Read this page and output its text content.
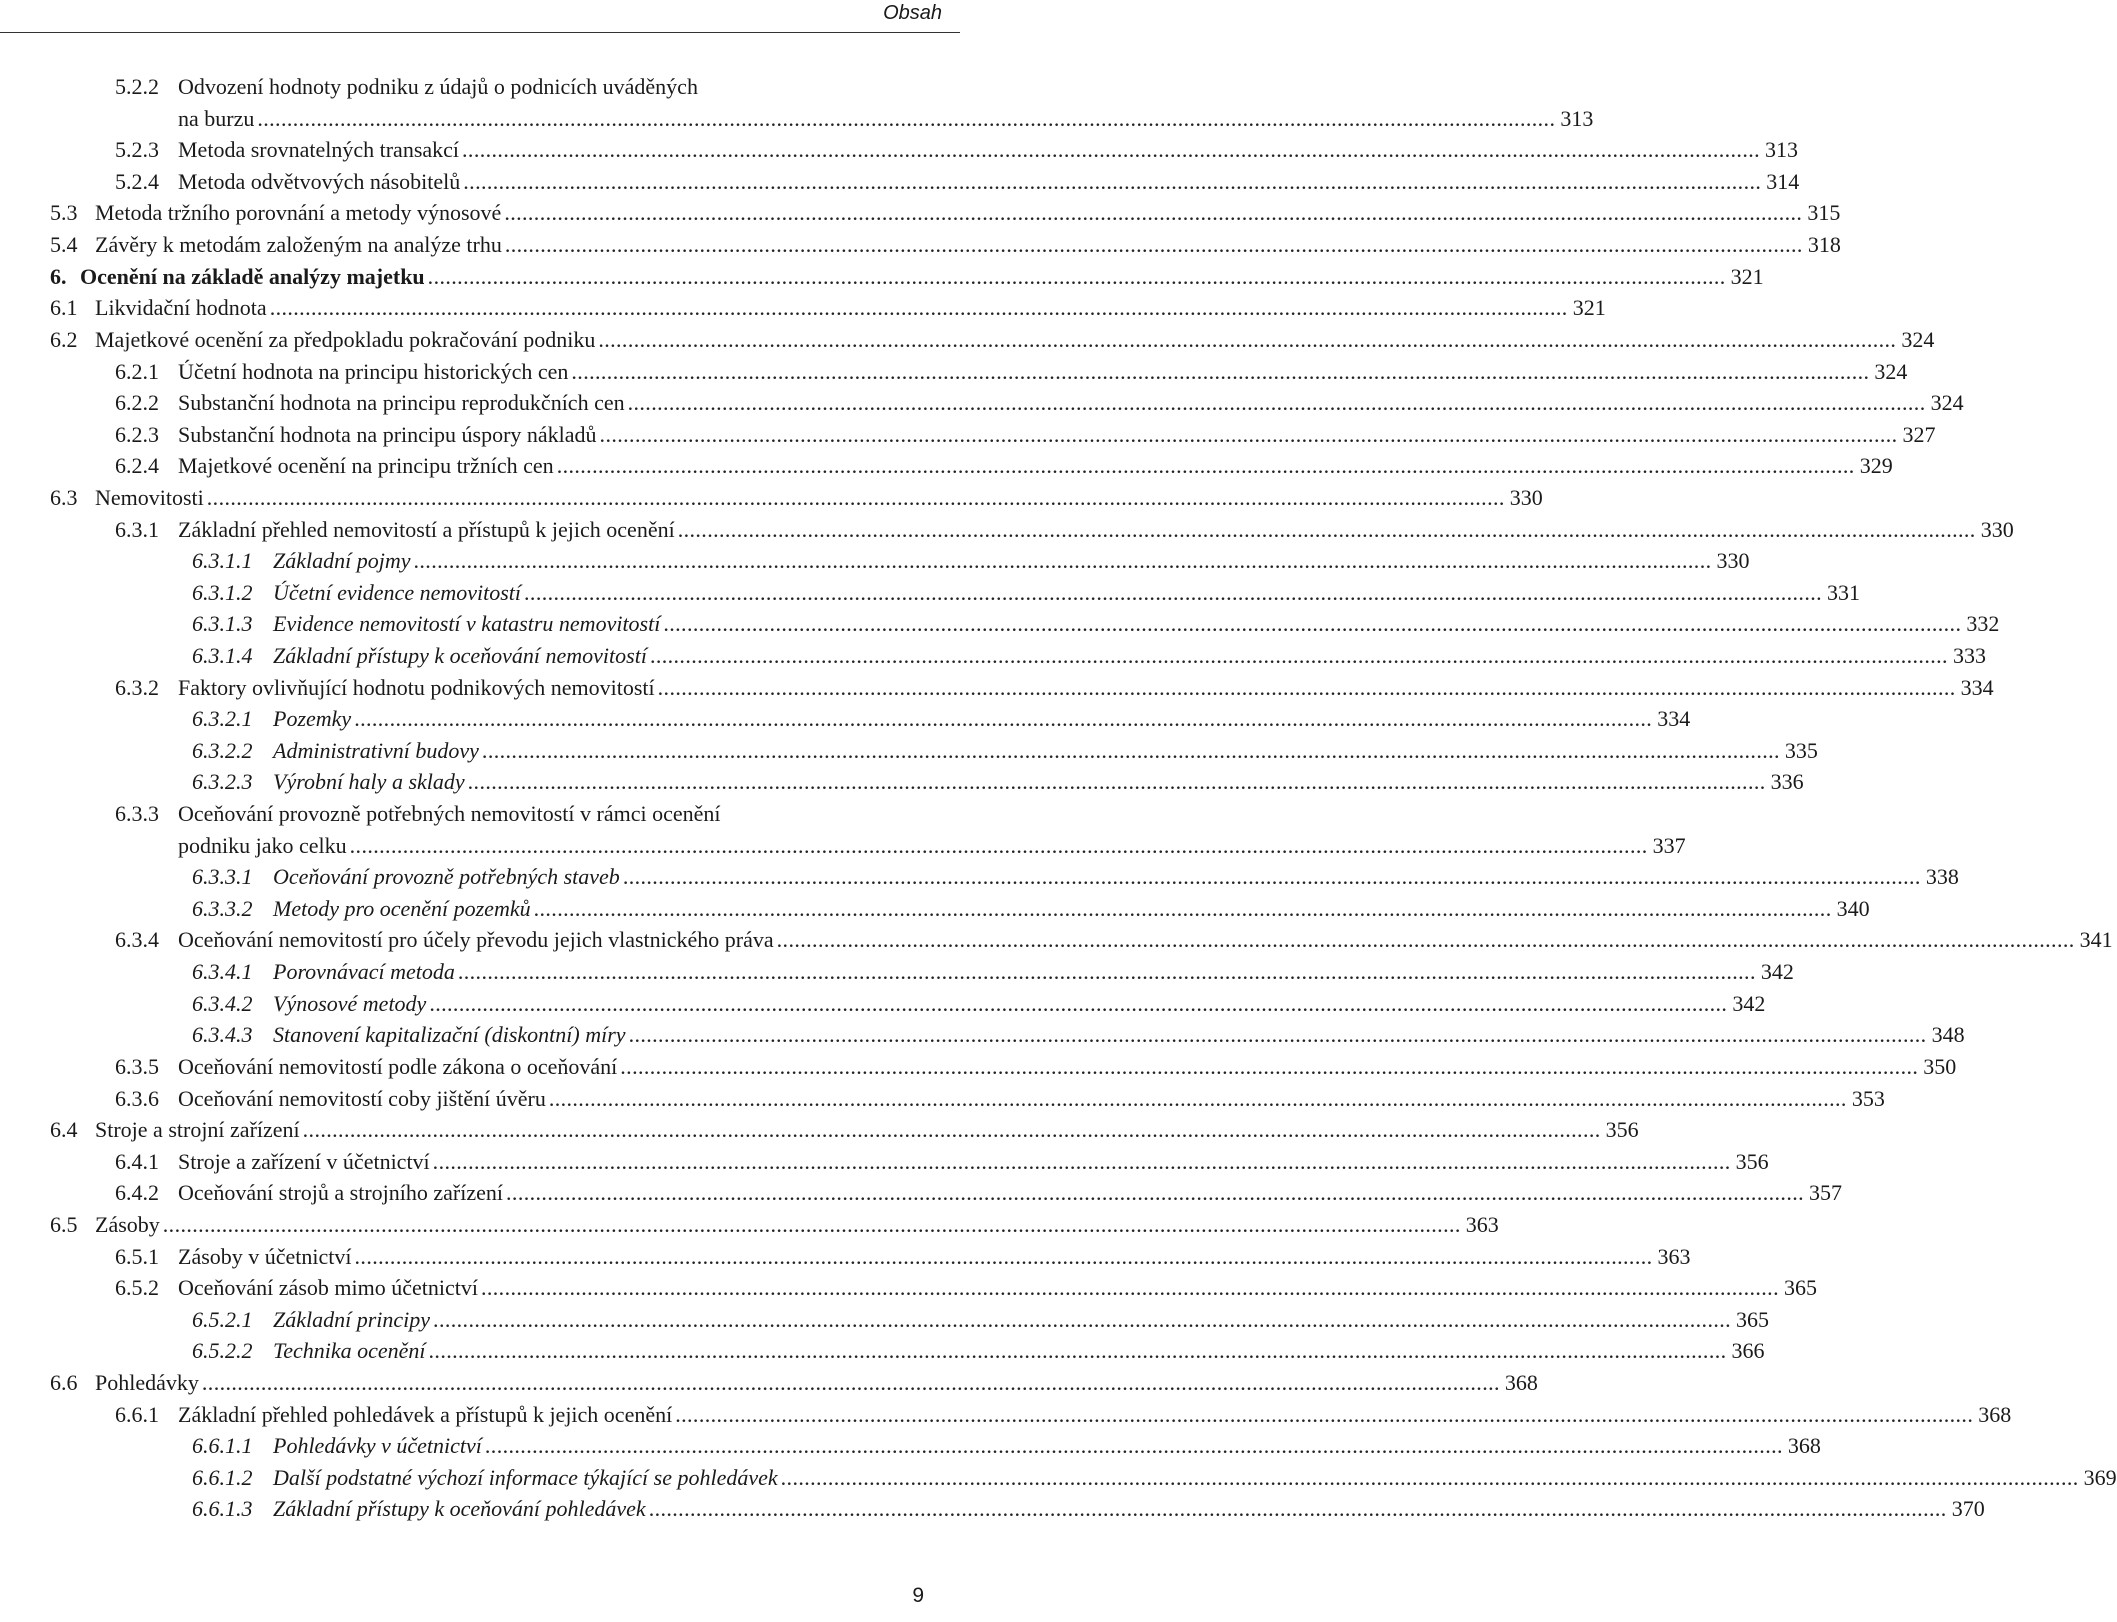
Obsah
5.2.2 Odvození hodnoty podniku z údajů o podnicích uváděných
na burzu ............................................................................................................................................................................................................................ 313
5.2.3 Metoda srovnatelných transakcí ............................................................................................................................................................................................................................ 313
5.2.4 Metoda odvětvových násobitelů ............................................................................................................................................................................................................................ 314
5.3 Metoda tržního porovnání a metody výnosové ............................................................................................................................................................................................................................ 315
5.4 Závěry k metodám založeným na analýze trhu ............................................................................................................................................................................................................................ 318
6. Ocenění na základě analýzy majetku ............................................................................................................................................................................................................................ 321
6.1 Likvidační hodnota ............................................................................................................................................................................................................................ 321
6.2 Majetkové ocenění za předpokladu pokračování podniku ............................................................................................................................................................................................................................ 324
6.2.1 Účetní hodnota na principu historických cen ............................................................................................................................................................................................................................ 324
6.2.2 Substanční hodnota na principu reprodukčních cen ............................................................................................................................................................................................................................ 324
6.2.3 Substanční hodnota na principu úspory nákladů ............................................................................................................................................................................................................................ 327
6.2.4 Majetkové ocenění na principu tržních cen ............................................................................................................................................................................................................................ 329
6.3 Nemovitosti ............................................................................................................................................................................................................................ 330
6.3.1 Základní přehled nemovitostí a přístupů k jejich ocenění ............................................................................................................................................................................................................................ 330
6.3.1.1 Základní pojmy ............................................................................................................................................................................................................................ 330
6.3.1.2 Účetní evidence nemovitostí ............................................................................................................................................................................................................................ 331
6.3.1.3 Evidence nemovitostí v katastru nemovitostí ............................................................................................................................................................................................................................ 332
6.3.1.4 Základní přístupy k oceňování nemovitostí ............................................................................................................................................................................................................................ 333
6.3.2 Faktory ovlivňující hodnotu podnikových nemovitostí ............................................................................................................................................................................................................................ 334
6.3.2.1 Pozemky ............................................................................................................................................................................................................................ 334
6.3.2.2 Administrativní budovy ............................................................................................................................................................................................................................ 335
6.3.2.3 Výrobní haly a sklady ............................................................................................................................................................................................................................ 336
6.3.3 Oceňování provozně potřebných nemovitostí v rámci ocenění
podniku jako celku ............................................................................................................................................................................................................................ 337
6.3.3.1 Oceňování provozně potřebných staveb ............................................................................................................................................................................................................................ 338
6.3.3.2 Metody pro ocenění pozemků ............................................................................................................................................................................................................................ 340
6.3.4 Oceňování nemovitostí pro účely převodu jejich vlastnického práva ............................................................................................................................................................................................................................ 341
6.3.4.1 Porovnávací metoda ............................................................................................................................................................................................................................ 342
6.3.4.2 Výnosové metody ............................................................................................................................................................................................................................ 342
6.3.4.3 Stanovení kapitalizační (diskontní) míry ............................................................................................................................................................................................................................ 348
6.3.5 Oceňování nemovitostí podle zákona o oceňování ............................................................................................................................................................................................................................ 350
6.3.6 Oceňování nemovitostí coby jištění úvěru ............................................................................................................................................................................................................................ 353
6.4 Stroje a strojní zařízení ............................................................................................................................................................................................................................ 356
6.4.1 Stroje a zařízení v účetnictví ............................................................................................................................................................................................................................ 356
6.4.2 Oceňování strojů a strojního zařízení ............................................................................................................................................................................................................................ 357
6.5 Zásoby ............................................................................................................................................................................................................................ 363
6.5.1 Zásoby v účetnictví ............................................................................................................................................................................................................................ 363
6.5.2 Oceňování zásob mimo účetnictví ............................................................................................................................................................................................................................ 365
6.5.2.1 Základní principy ............................................................................................................................................................................................................................ 365
6.5.2.2 Technika ocenění ............................................................................................................................................................................................................................ 366
6.6 Pohledávky ............................................................................................................................................................................................................................ 368
6.6.1 Základní přehled pohledávek a přístupů k jejich ocenění ............................................................................................................................................................................................................................ 368
6.6.1.1 Pohledávky v účetnictví ............................................................................................................................................................................................................................ 368
6.6.1.2 Další podstatné výchozí informace týkající se pohledávek ............................................................................................................................................................................................................................ 369
6.6.1.3 Základní přístupy k oceňování pohledávek ............................................................................................................................................................................................................................ 370
9
